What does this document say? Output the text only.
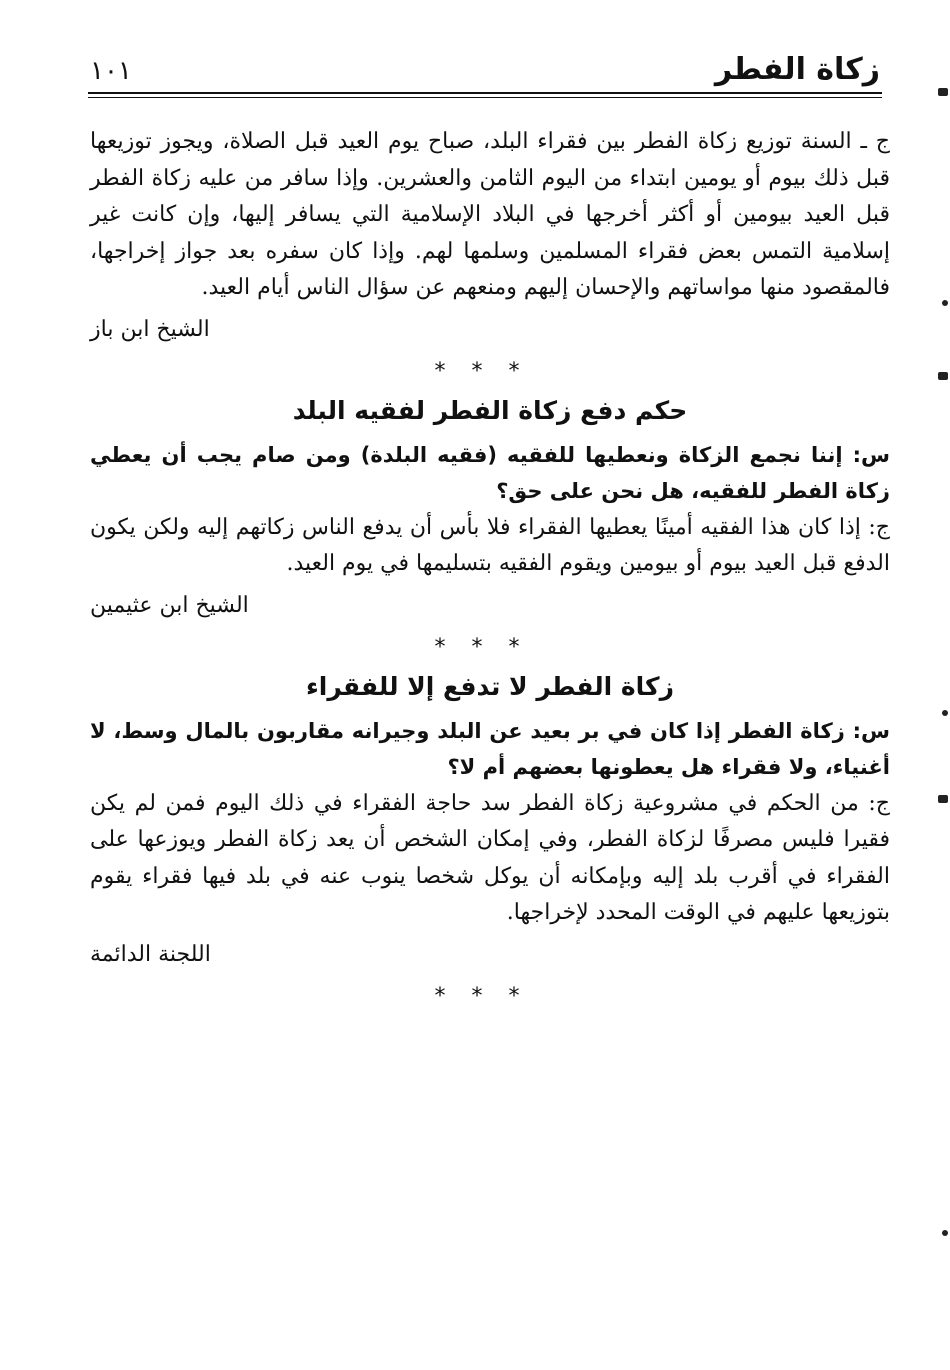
زكاة الفطر
١٠١

ج ـ السنة توزيع زكاة الفطر بين فقراء البلد، صباح يوم العيد قبل الصلاة، ويجوز توزيعها قبل ذلك بيوم أو يومين ابتداء من اليوم الثامن والعشرين. وإذا سافر من عليه زكاة الفطر قبل العيد بيومين أو أكثر أخرجها في البلاد الإسلامية التي يسافر إليها، وإن كانت غير إسلامية التمس بعض فقراء المسلمين وسلمها لهم. وإذا كان سفره بعد جواز إخراجها، فالمقصود منها مواساتهم والإحسان إليهم ومنعهم عن سؤال الناس أيام العيد.

الشيخ ابن باز
***
حكم دفع زكاة الفطر لفقيه البلد

س: إننا نجمع الزكاة ونعطيها للفقيه (فقيه البلدة) ومن صام يجب أن يعطي زكاة الفطر للفقيه، هل نحن على حق؟

ج: إذا كان هذا الفقيه أمينًا يعطيها الفقراء فلا بأس أن يدفع الناس زكاتهم إليه ولكن يكون الدفع قبل العيد بيوم أو بيومين ويقوم الفقيه بتسليمها في يوم العيد.

الشيخ ابن عثيمين
***
زكاة الفطر لا تدفع إلا للفقراء

س: زكاة الفطر إذا كان في بر بعيد عن البلد وجيرانه مقاربون بالمال وسط، لا أغنياء، ولا فقراء هل يعطونها بعضهم أم لا؟

ج: من الحكم في مشروعية زكاة الفطر سد حاجة الفقراء في ذلك اليوم فمن لم يكن فقيرا فليس مصرفًا لزكاة الفطر، وفي إمكان الشخص أن يعد زكاة الفطر ويوزعها على الفقراء في أقرب بلد إليه وبإمكانه أن يوكل شخصا ينوب عنه في بلد فيها فقراء يقوم بتوزيعها عليهم في الوقت المحدد لإخراجها.

اللجنة الدائمة
***
